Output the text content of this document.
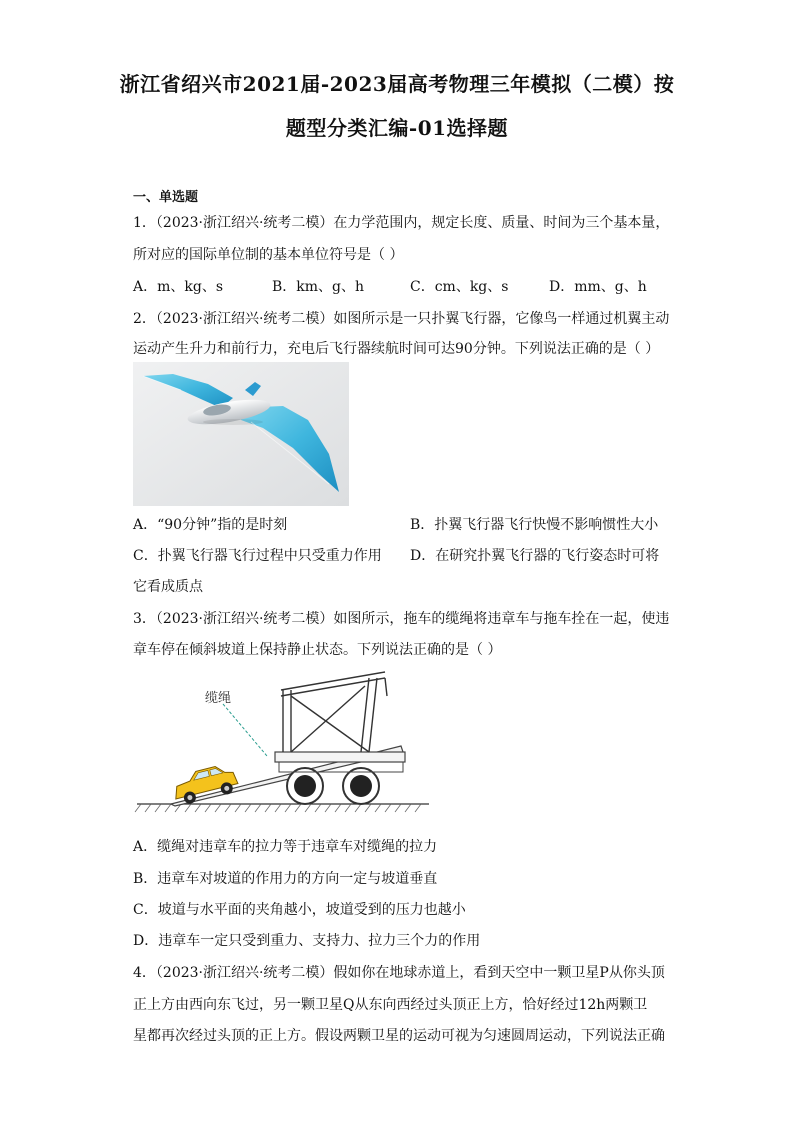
浙江省绍兴市2021届-2023届高考物理三年模拟（二模）按
题型分类汇编-01选择题
一、单选题
1．（2023·浙江绍兴·统考二模）在力学范围内，规定长度、质量、时间为三个基本量，
所对应的国际单位制的基本单位符号是（ ）
A．m、kg、s	B．km、g、h	C．cm、kg、s	D．mm、g、h
2．（2023·浙江绍兴·统考二模）如图所示是一只扑翼飞行器，它像鸟一样通过机翼主动
运动产生升力和前行力，充电后飞行器续航时间可达90分钟。下列说法正确的是（ ）
A．“90分钟”指的是时刻	B．扑翼飞行器飞行快慢不影响惯性大小
C．扑翼飞行器飞行过程中只受重力作用 D．在研究扑翼飞行器的飞行姿态时可将
它看成质点
3．（2023·浙江绍兴·统考二模）如图所示，拖车的缆绳将违章车与拖车拴在一起，使违
章车停在倾斜坡道上保持静止状态。下列说法正确的是（ ）
缆绳
A．缆绳对违章车的拉力等于违章车对缆绳的拉力
B．违章车对坡道的作用力的方向一定与坡道垂直
C．坡道与水平面的夹角越小，坡道受到的压力也越小
D．违章车一定只受到重力、支持力、拉力三个力的作用
4．（2023·浙江绍兴·统考二模）假如你在地球赤道上，看到天空中一颗卫星P从你头顶
正上方由西向东飞过，另一颗卫星Q从东向西经过头顶正上方，恰好经过12h两颗卫
星都再次经过头顶的正上方。假设两颗卫星的运动可视为匀速圆周运动，下列说法正确
